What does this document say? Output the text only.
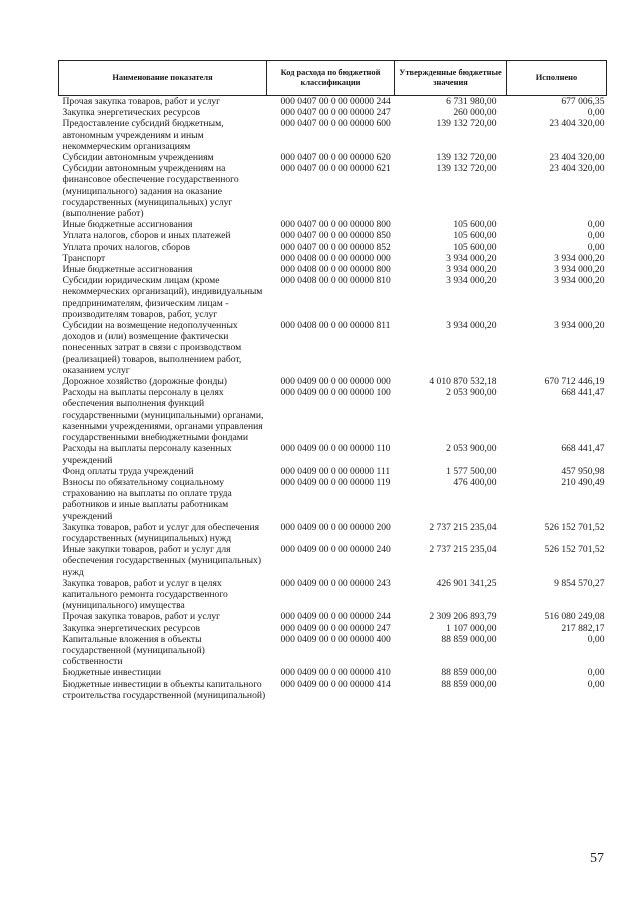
Наименование показателя	Код расхода по бюджетной классификации	Утвержденные бюджетные значения	Исполнено
Прочая закупка товаров, работ и услуг	000 0407 00 0 00 00000 244	6 731 980,00	677 006,35
Закупка энергетических ресурсов	000 0407 00 0 00 00000 247	260 000,00	0,00
Предоставление субсидий бюджетным, автономным учреждениям и иным некоммерческим организациям	000 0407 00 0 00 00000 600	139 132 720,00	23 404 320,00
Субсидии автономным учреждениям	000 0407 00 0 00 00000 620	139 132 720,00	23 404 320,00
Субсидии автономным учреждениям на финансовое обеспечение государственного (муниципального) задания на оказание государственных (муниципальных) услуг (выполнение работ)	000 0407 00 0 00 00000 621	139 132 720,00	23 404 320,00
Иные бюджетные ассигнования	000 0407 00 0 00 00000 800	105 600,00	0,00
Уплата налогов, сборов и иных платежей	000 0407 00 0 00 00000 850	105 600,00	0,00
Уплата прочих налогов, сборов	000 0407 00 0 00 00000 852	105 600,00	0,00
Транспорт	000 0408 00 0 00 00000 000	3 934 000,20	3 934 000,20
Иные бюджетные ассигнования	000 0408 00 0 00 00000 800	3 934 000,20	3 934 000,20
Субсидии юридическим лицам (кроме некоммерческих организаций), индивидуальным предпринимателям, физическим лицам - производителям товаров, работ, услуг	000 0408 00 0 00 00000 810	3 934 000,20	3 934 000,20
Субсидии на возмещение недополученных доходов и (или) возмещение фактически понесенных затрат в связи с производством (реализацией) товаров, выполнением работ, оказанием услуг	000 0408 00 0 00 00000 811	3 934 000,20	3 934 000,20
Дорожное хозяйство (дорожные фонды)	000 0409 00 0 00 00000 000	4 010 870 532,18	670 712 446,19
Расходы на выплаты персоналу в целях обеспечения выполнения функций государственными (муниципальными) органами, казенными учреждениями, органами управления государственными внебюджетными фондами	000 0409 00 0 00 00000 100	2 053 900,00	668 441,47
Расходы на выплаты персоналу казенных учреждений	000 0409 00 0 00 00000 110	2 053 900,00	668 441,47
Фонд оплаты труда учреждений	000 0409 00 0 00 00000 111	1 577 500,00	457 950,98
Взносы по обязательному социальному страхованию на выплаты по оплате труда работников и иные выплаты работникам учреждений	000 0409 00 0 00 00000 119	476 400,00	210 490,49
Закупка товаров, работ и услуг для обеспечения государственных (муниципальных) нужд	000 0409 00 0 00 00000 200	2 737 215 235,04	526 152 701,52
Иные закупки товаров, работ и услуг для обеспечения государственных (муниципальных) нужд	000 0409 00 0 00 00000 240	2 737 215 235,04	526 152 701,52
Закупка товаров, работ и услуг в целях капитального ремонта государственного (муниципального) имущества	000 0409 00 0 00 00000 243	426 901 341,25	9 854 570,27
Прочая закупка товаров, работ и услуг	000 0409 00 0 00 00000 244	2 309 206 893,79	516 080 249,08
Закупка энергетических ресурсов	000 0409 00 0 00 00000 247	1 107 000,00	217 882,17
Капитальные вложения в объекты государственной (муниципальной) собственности	000 0409 00 0 00 00000 400	88 859 000,00	0,00
Бюджетные инвестиции	000 0409 00 0 00 00000 410	88 859 000,00	0,00
Бюджетные инвестиции в объекты капитального строительства государственной (муниципальной)	000 0409 00 0 00 00000 414	88 859 000,00	0,00
57
